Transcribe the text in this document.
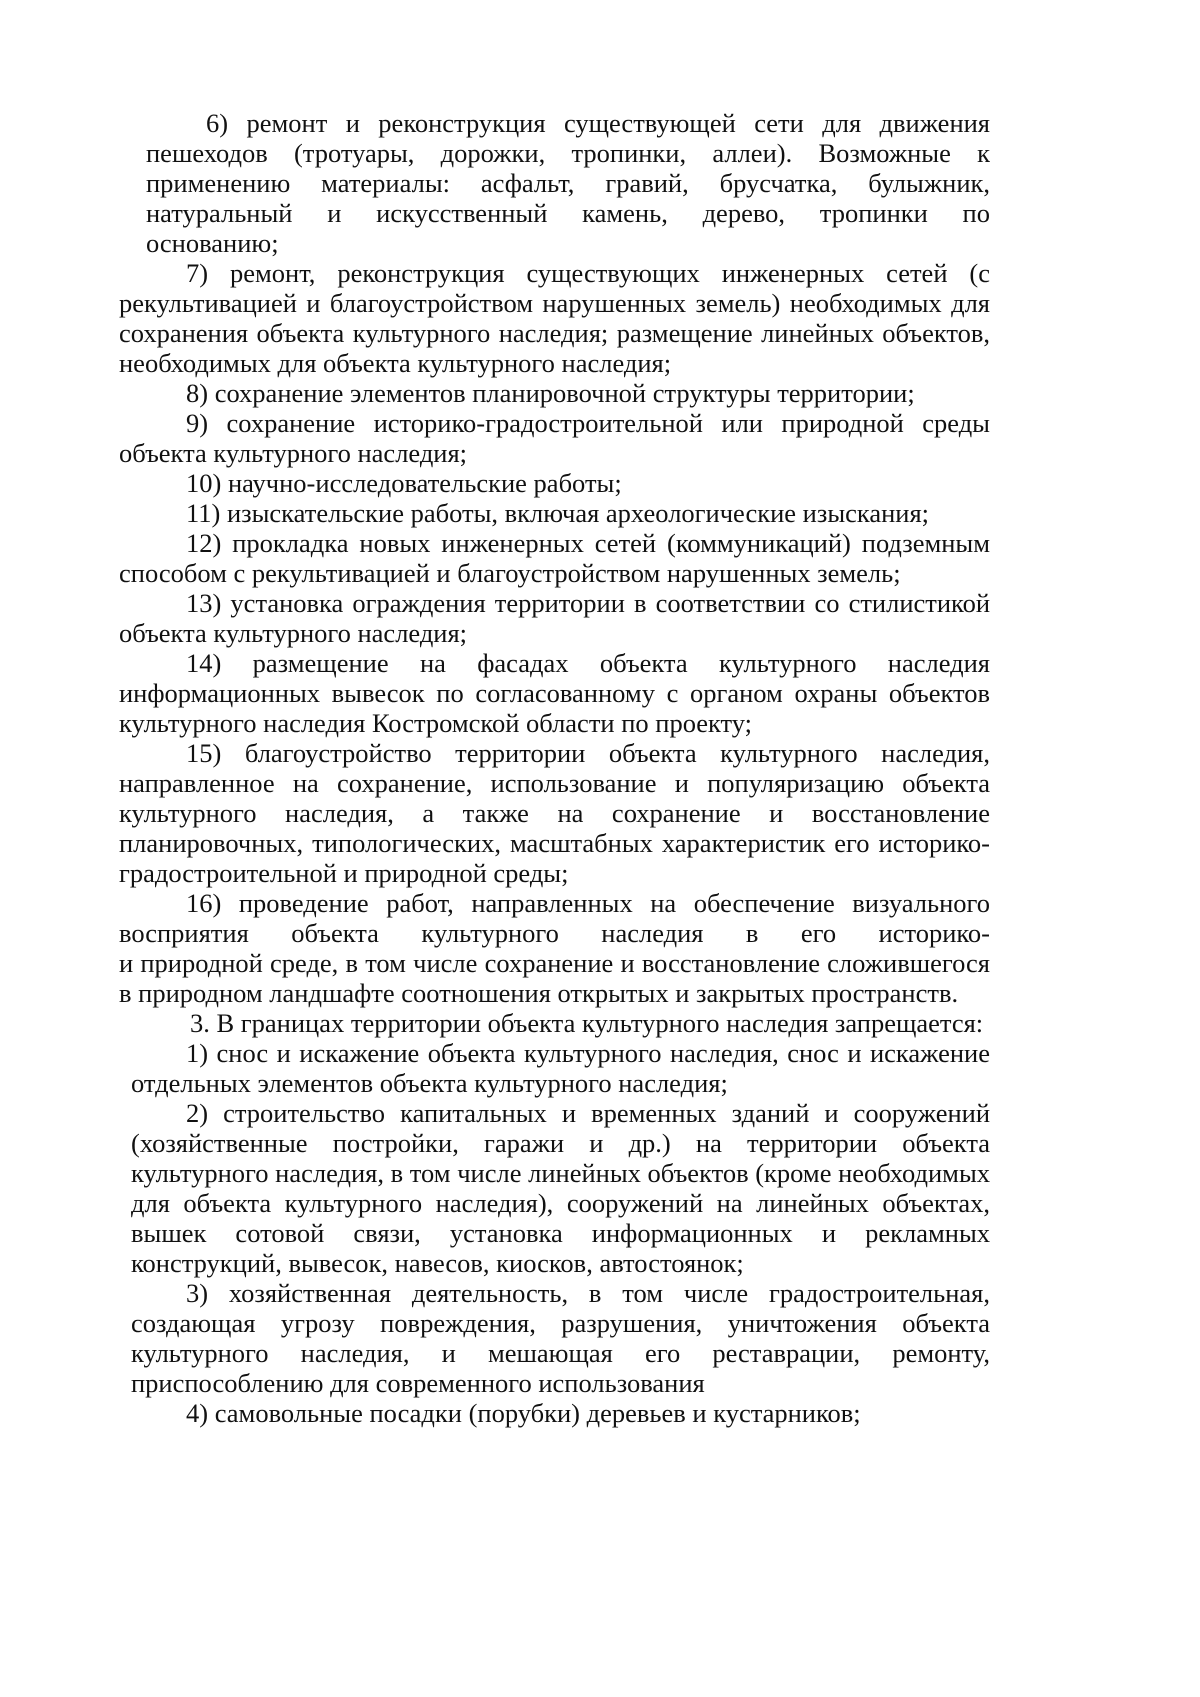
6) ремонт и реконструкция существующей сети для движения
пешеходов (тротуары, дорожки, тропинки, аллеи). Возможные к
применению материалы: асфальт, гравий, брусчатка, булыжник,
натуральный и искусственный камень, дерево, тропинки по
основанию;
7) ремонт, реконструкция существующих инженерных сетей (с
рекультивацией и благоустройством нарушенных земель) необходимых для
сохранения объекта культурного наследия; размещение линейных объектов,
необходимых для объекта культурного наследия;
8) сохранение элементов планировочной структуры территории;
9) сохранение историко-градостроительной или природной среды
объекта культурного наследия;
10) научно-исследовательские работы;
11) изыскательские работы, включая археологические изыскания;
12) прокладка новых инженерных сетей (коммуникаций) подземным
способом с рекультивацией и благоустройством нарушенных земель;
13) установка ограждения территории в соответствии со стилистикой
объекта культурного наследия;
14) размещение на фасадах объекта культурного наследия
информационных вывесок по согласованному с органом охраны объектов
культурного наследия Костромской области по проекту;
15) благоустройство территории объекта культурного наследия,
направленное на сохранение, использование и популяризацию объекта
культурного наследия, а также на сохранение и восстановление
планировочных, типологических, масштабных характеристик его историко-
градостроительной и природной среды;
16) проведение работ, направленных на обеспечение визуального
восприятия объекта культурного наследия в его историко-
и природной среде, в том числе сохранение и восстановление сложившегося
в природном ландшафте соотношения открытых и закрытых пространств.
3. В границах территории объекта культурного наследия запрещается:
1) снос и искажение объекта культурного наследия, снос и искажение
отдельных элементов объекта культурного наследия;
2) строительство капитальных и временных зданий и сооружений
(хозяйственные постройки, гаражи и др.) на территории объекта
культурного наследия, в том числе линейных объектов (кроме необходимых
для объекта культурного наследия), сооружений на линейных объектах,
вышек сотовой связи, установка информационных и рекламных
конструкций, вывесок, навесов, киосков, автостоянок;
3) хозяйственная деятельность, в том числе градостроительная,
создающая угрозу повреждения, разрушения, уничтожения объекта
культурного наследия, и мешающая его реставрации, ремонту,
приспособлению для современного использования
4) самовольные посадки (порубки) деревьев и кустарников;
